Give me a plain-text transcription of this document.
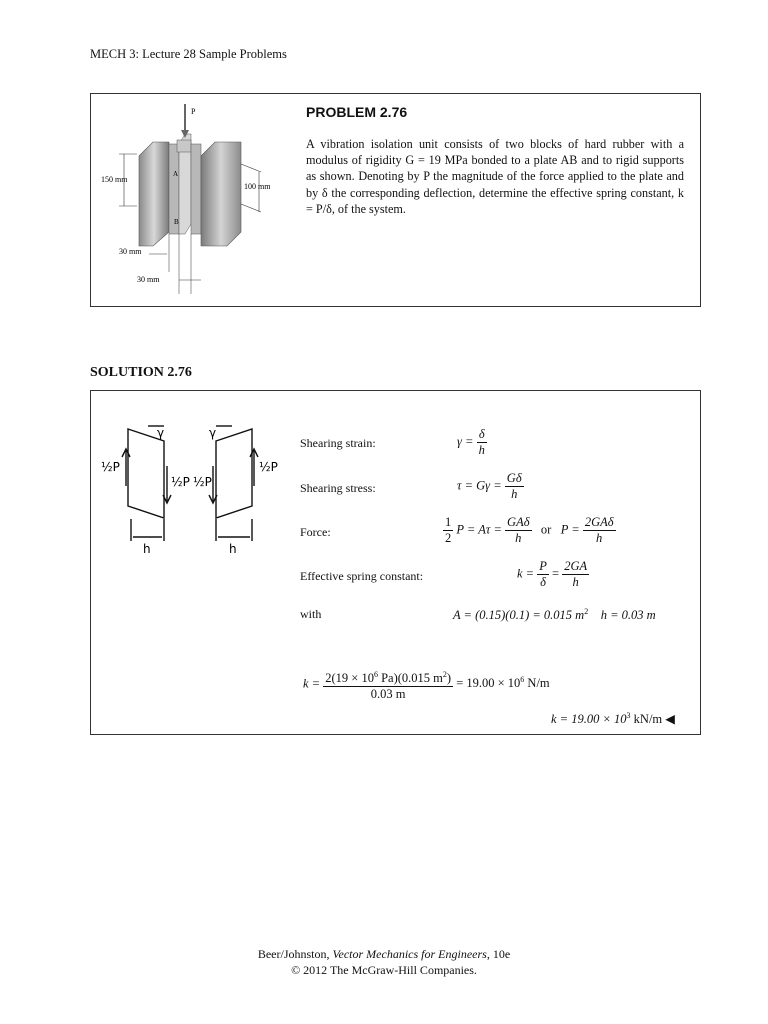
MECH 3: Lecture 28 Sample Problems
P
A
B
150 mm
100 mm
30 mm
30 mm
PROBLEM 2.76
A vibration isolation unit consists of two blocks of hard rubber with a modulus of rigidity G = 19 MPa bonded to a plate AB and to rigid supports as shown. Denoting by P the magnitude of the force applied to the plate and by δ the corresponding deflection, determine the effective spring constant, k = P/δ, of the system.
SOLUTION 2.76
½P
½P ½P
½P
γ	γ
h	h
Shearing strain:
Shearing stress:
Force:
Effective spring constant:
with
$\gamma = \frac{\delta}{h}$
$\tau = G\gamma = \frac{G\delta}{h}$
$\frac{1}{2}$ $P = A\tau = \frac{\text{GAδ}}{h}$ or $P = \frac{\text{2GAδ}}{h}$
$k = \frac{P}{\delta} = \frac{2GA}{h}$
A = (0.15)(0.1) = 0.015 $m^2$ h = 0.03 m
$k = \frac{2(19 \times 10^6 Pa)(0.015 m^2)}{0.03 m} = 19.00 \times 10^6$ N/m
$k = 19.00 \times 10^3$ kN/m ◀
Beer/Johnston, Vector Mechanics for Engineers, 10e
© 2012 The McGraw-Hill Companies.
